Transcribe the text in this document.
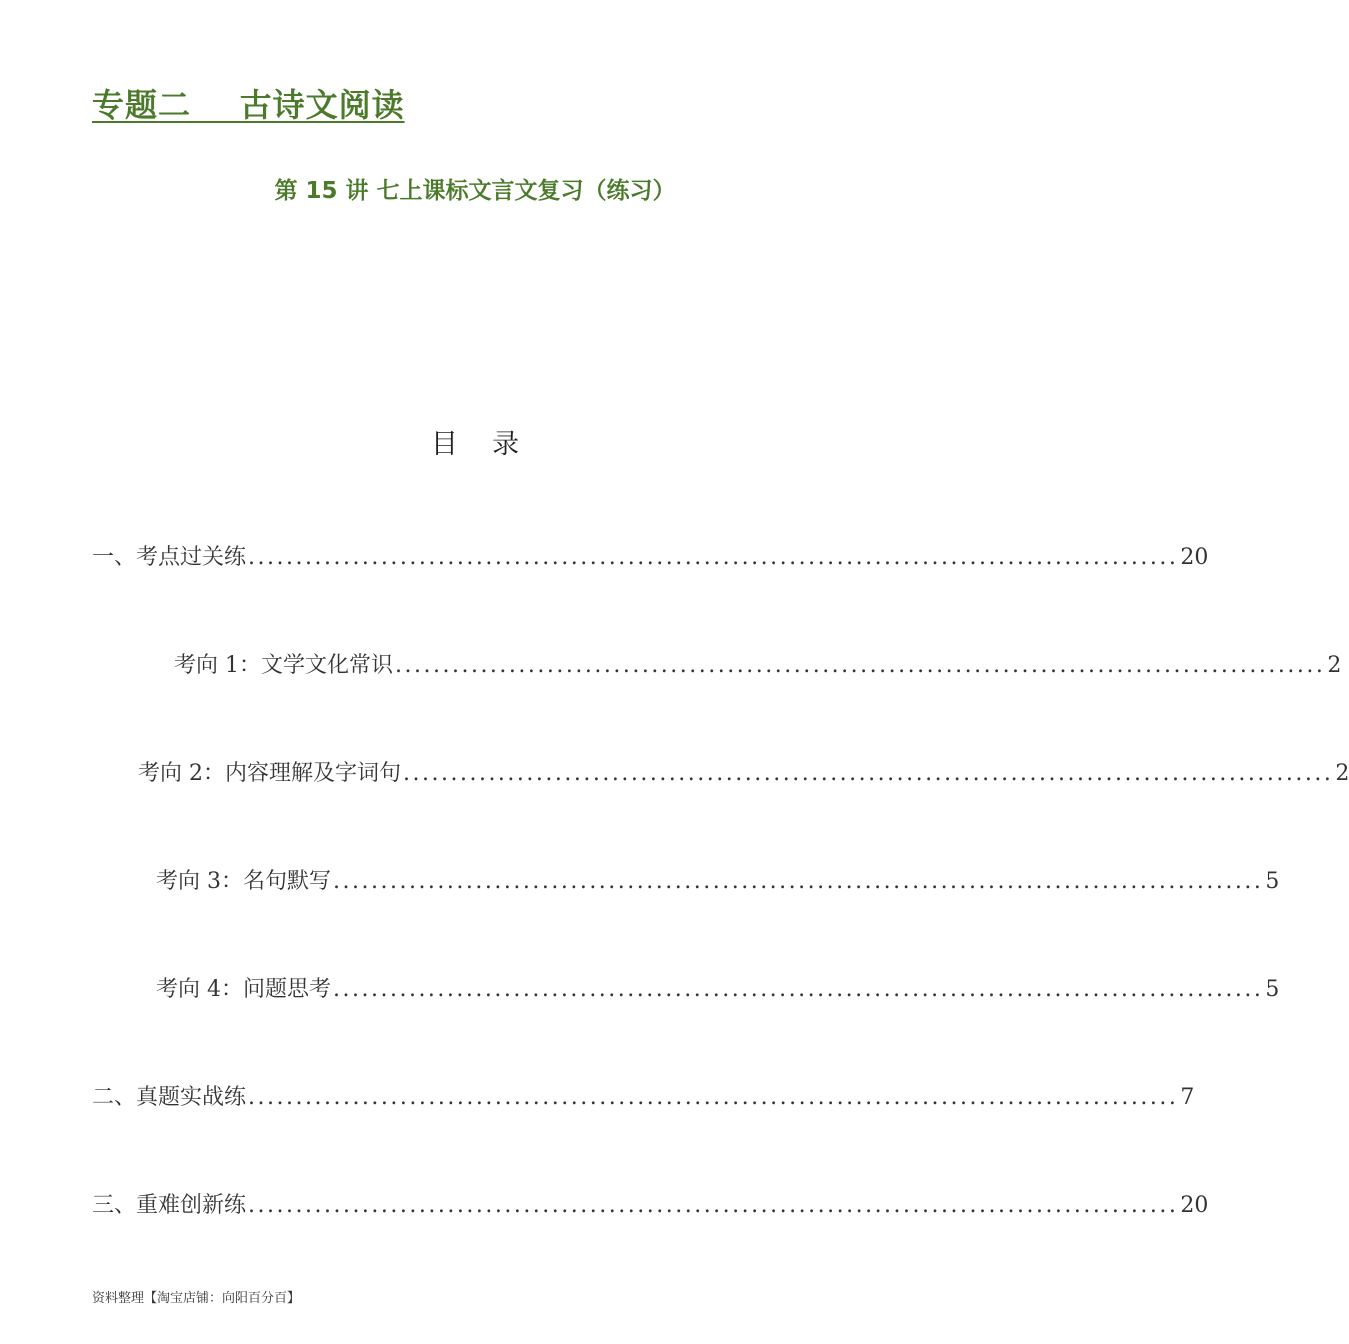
专题二    古诗文阅读
第 15 讲 七上课标文言文复习（练习）
目    录
一、考点过关练 .................................................................................................. 20
考向 1：文学文化常识 .................................................................................................. 2
考向 2：内容理解及字词句 .................................................................................................. 2
考向 3：名句默写 .................................................................................................. 5
考向 4：问题思考 .................................................................................................. 5
二、真题实战练 .................................................................................................. 7
三、重难创新练 .................................................................................................. 20
资料整理【淘宝店铺：向阳百分百】
